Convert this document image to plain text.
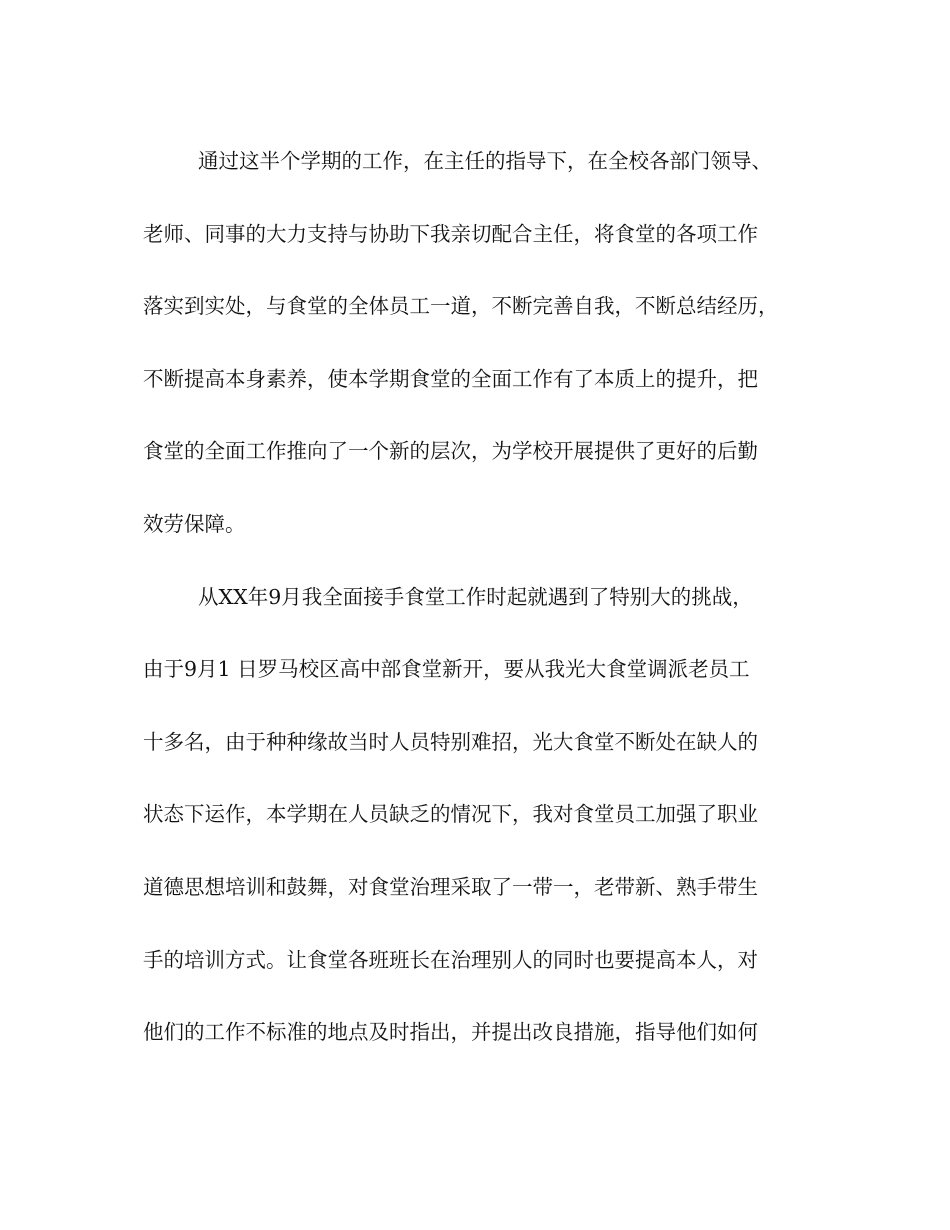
通过这半个学期的工作，在主任的指导下，在全校各部门领导、
老师、同事的大力支持与协助下我亲切配合主任，将食堂的各项工作
落实到实处，与食堂的全体员工一道，不断完善自我，不断总结经历，
不断提高本身素养，使本学期食堂的全面工作有了本质上的提升，把
食堂的全面工作推向了一个新的层次，为学校开展提供了更好的后勤
效劳保障。
从XX年9月我全面接手食堂工作时起就遇到了特别大的挑战，
由于9月1 日罗马校区高中部食堂新开，要从我光大食堂调派老员工
十多名，由于种种缘故当时人员特别难招，光大食堂不断处在缺人的
状态下运作，本学期在人员缺乏的情况下，我对食堂员工加强了职业
道德思想培训和鼓舞，对食堂治理采取了一带一，老带新、熟手带生
手的培训方式。让食堂各班班长在治理别人的同时也要提高本人，对
他们的工作不标准的地点及时指出，并提出改良措施，指导他们如何
